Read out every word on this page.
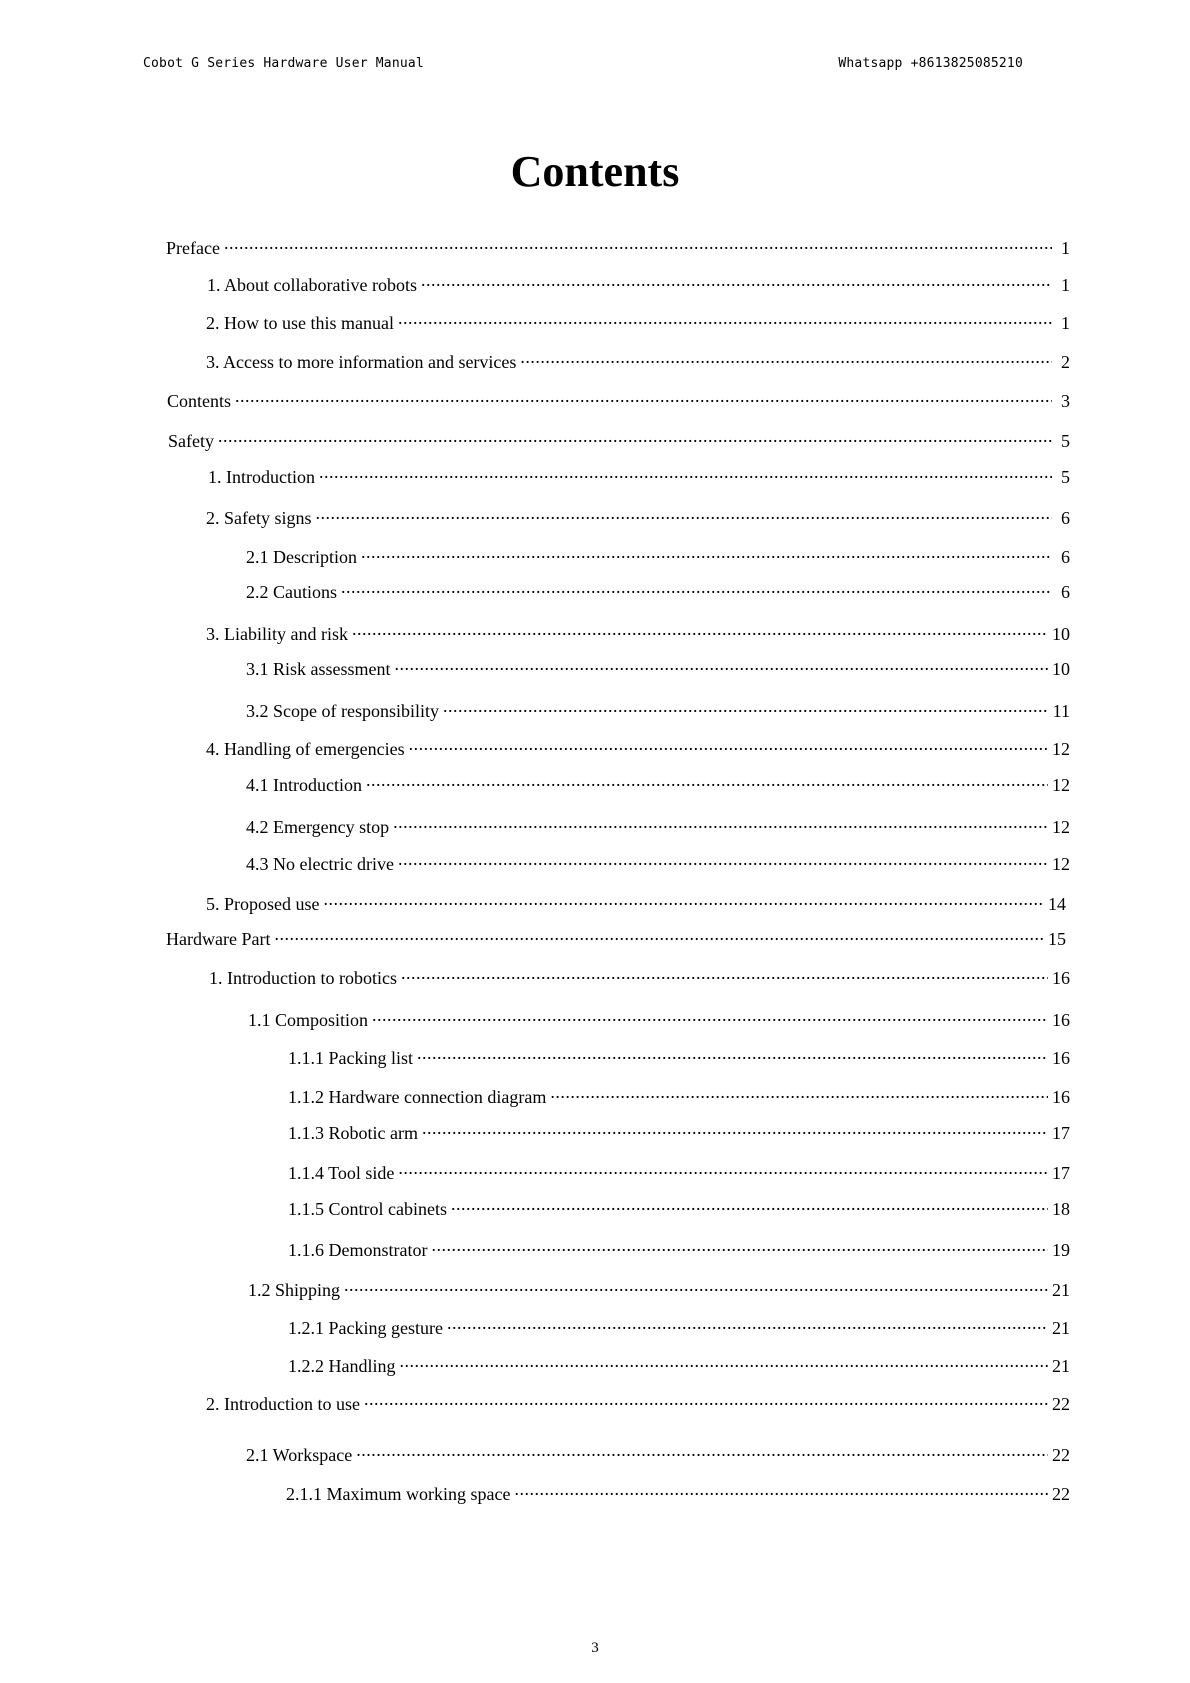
Cobot G Series Hardware User Manual	Whatsapp +8613825085210
Contents
Preface .....	1
1. About collaborative robots .....	1
2. How to use this manual .....	1
3. Access to more information and services .....	2
Contents .....	3
Safety .....	5
1. Introduction .....	5
2. Safety signs .....	6
2.1 Description .....	6
2.2 Cautions .....	6
3. Liability and risk .....	10
3.1 Risk assessment .....	10
3.2 Scope of responsibility .....	11
4. Handling of emergencies .....	12
4.1 Introduction .....	12
4.2 Emergency stop .....	12
4.3 No electric drive .....	12
5. Proposed use .....	14
Hardware Part .....	15
1. Introduction to robotics .....	16
1.1 Composition .....	16
1.1.1 Packing list .....	16
1.1.2 Hardware connection diagram .....	16
1.1.3 Robotic arm .....	17
1.1.4 Tool side .....	17
1.1.5 Control cabinets .....	18
1.1.6 Demonstrator .....	19
1.2 Shipping .....	21
1.2.1 Packing gesture .....	21
1.2.2 Handling .....	21
2. Introduction to use .....	22
2.1 Workspace .....	22
2.1.1 Maximum working space .....	22
3
